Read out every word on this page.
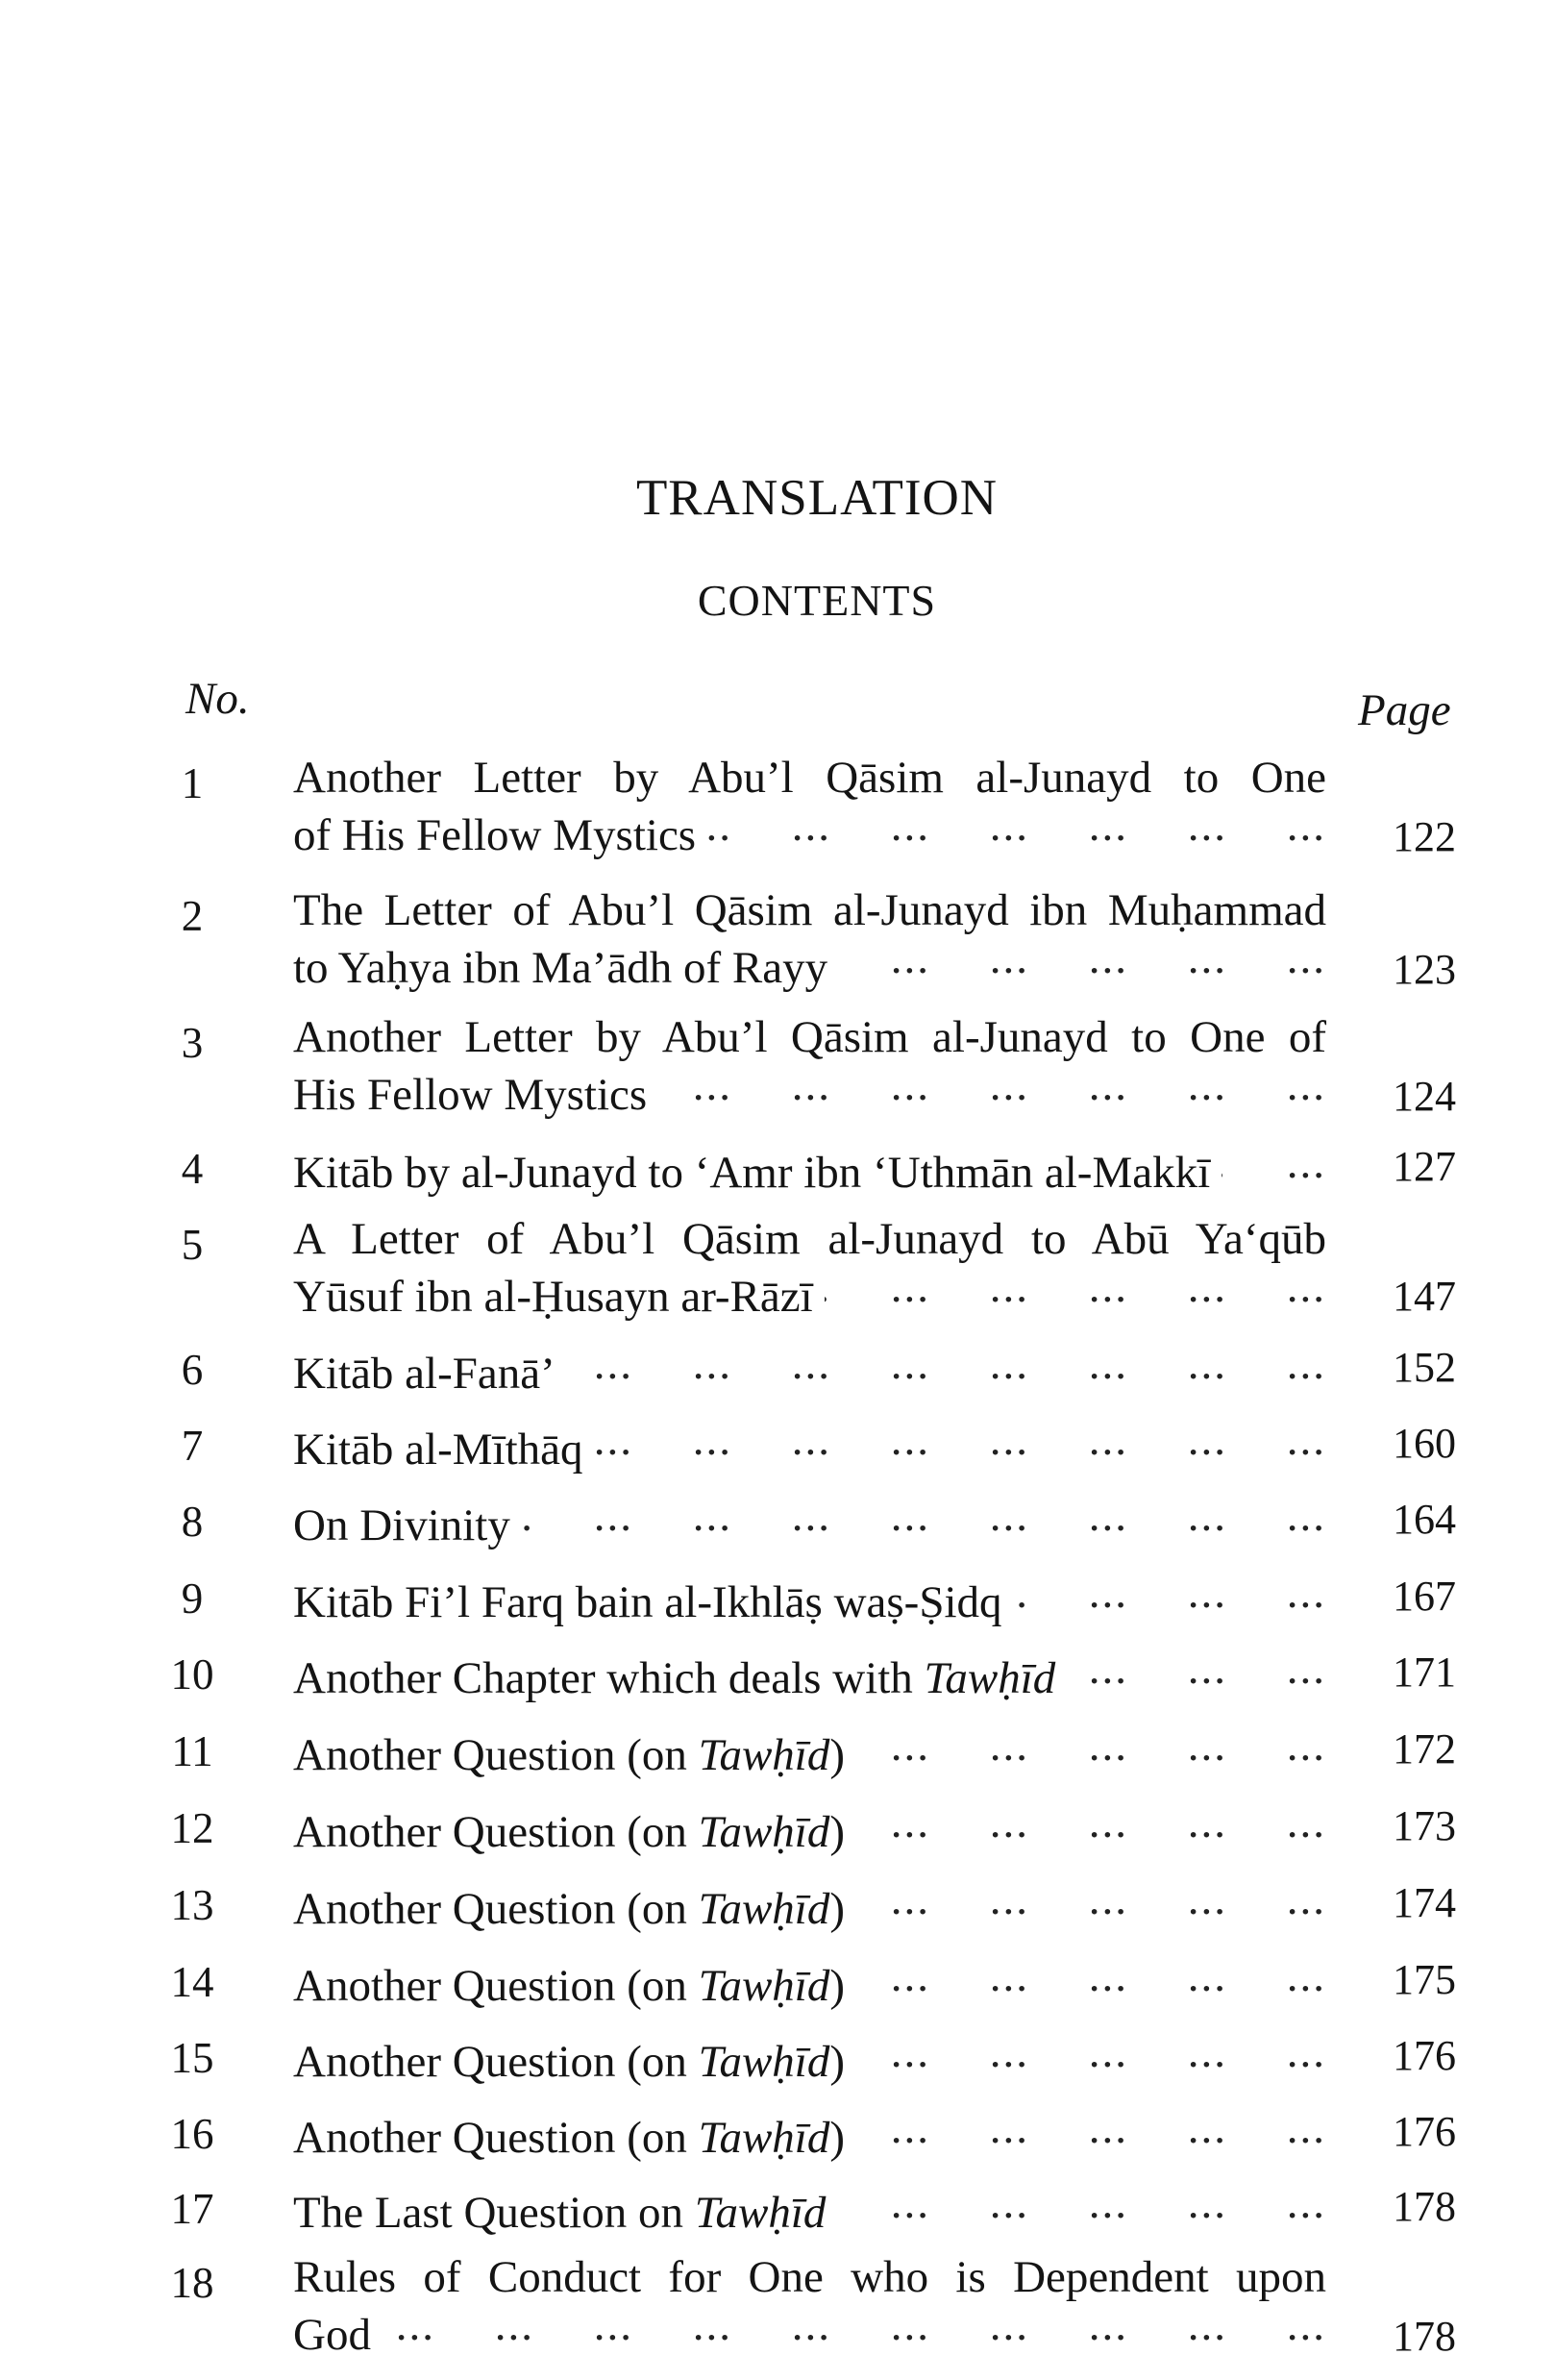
TRANSLATION
CONTENTS
No.	Page
1	Another Letter by Abu’l Qāsim al-Junayd to One
of His Fellow Mystics ... .	122
2	The Letter of Abu’l Qāsim al-Junayd ibn Muḥammad
to Yaḥya ibn Ma’ādh of Rayy ... .	123
3	Another Letter by Abu’l Qāsim al-Junayd to One of
His Fellow Mystics ... .	124
4	Kitāb by al-Junayd to ‘Amr ibn ‘Uthmān al-Makkī ... .	127
5	A Letter of Abu’l Qāsim al-Junayd to Abū Ya‘qūb
Yūsuf ibn al-Ḥusayn ar-Rāzī ... .	147
6	Kitāb al-Fanā’ ... .	152
7	Kitāb al-Mīthāq ... .	160
8	On Divinity ... .	164
9	Kitāb Fi’l Farq bain al-Ikhlāṣ waṣ-Ṣidq ... .	167
10	Another Chapter which deals with Tawḥīd ... .	171
11	Another Question (on Tawḥīd) ... .	172
12	Another Question (on Tawḥīd) ... .	173
13	Another Question (on Tawḥīd) ... .	174
14	Another Question (on Tawḥīd) ... .	175
15	Another Question (on Tawḥīd) ... .	176
16	Another Question (on Tawḥīd) ... .	176
17	The Last Question on Tawḥīd ... .	178
18	Rules of Conduct for One who is Dependent upon
God ... .	178
